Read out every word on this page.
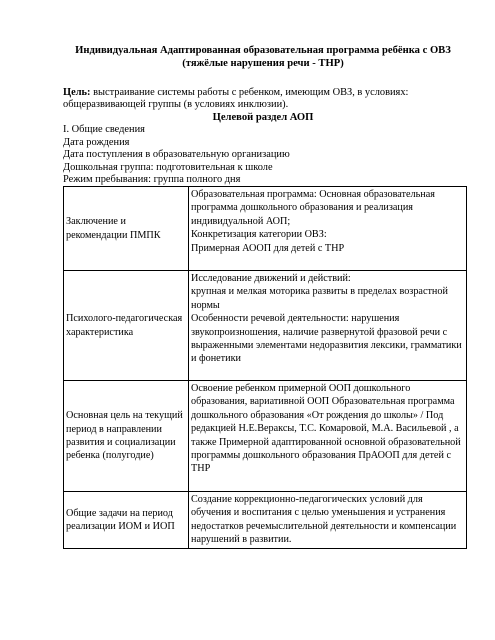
Индивидуальная Адаптированная образовательная программа ребёнка с ОВЗ

(тяжёлые нарушения речи - ТНР)

Цель: выстраивание системы работы с ребенком, имеющим ОВЗ, в условиях:
общеразвивающей группы (в условиях инклюзии).
Целевой раздел АОП
I. Общие сведения
Дата рождения
Дата поступления в образовательную организацию
Дошкольная группа: подготовительная к школе
Режим пребывания: группа полного дня
Заключение и рекомендации ПМПК	Образовательная программа: Основная образовательная программа дошкольного образования и реализация индивидуальной АОП;
Конкретизация категории ОВЗ:
Примерная АООП для детей с ТНР

Психолого-педагогическая характеристика	Исследование движений и действий:
крупная и мелкая моторика развиты в пределах возрастной нормы
Особенности речевой деятельности: нарушения звукопроизношения, наличие развернутой фразовой речи с выраженными элементами недоразвития лексики, грамматики и фонетики

Основная цель на текущий период в направлении развития и социализации ребенка (полугодие)	Освоение ребенком примерной ООП дошкольного образования, вариативной ООП Образовательная программа дошкольного образования «От рождения до школы» / Под редакцией Н.Е.Вераксы, Т.С. Комаровой, М.А. Васильевой , а также Примерной адаптированной основной образовательной программы дошкольного образования ПрАООП для детей с ТНР

Общие задачи на период реализации ИОМ и ИОП	Создание коррекционно-педагогических условий для обучения и воспитания с целью уменьшения и устранения недостатков речемыслительной деятельности и компенсации нарушений в развитии.
